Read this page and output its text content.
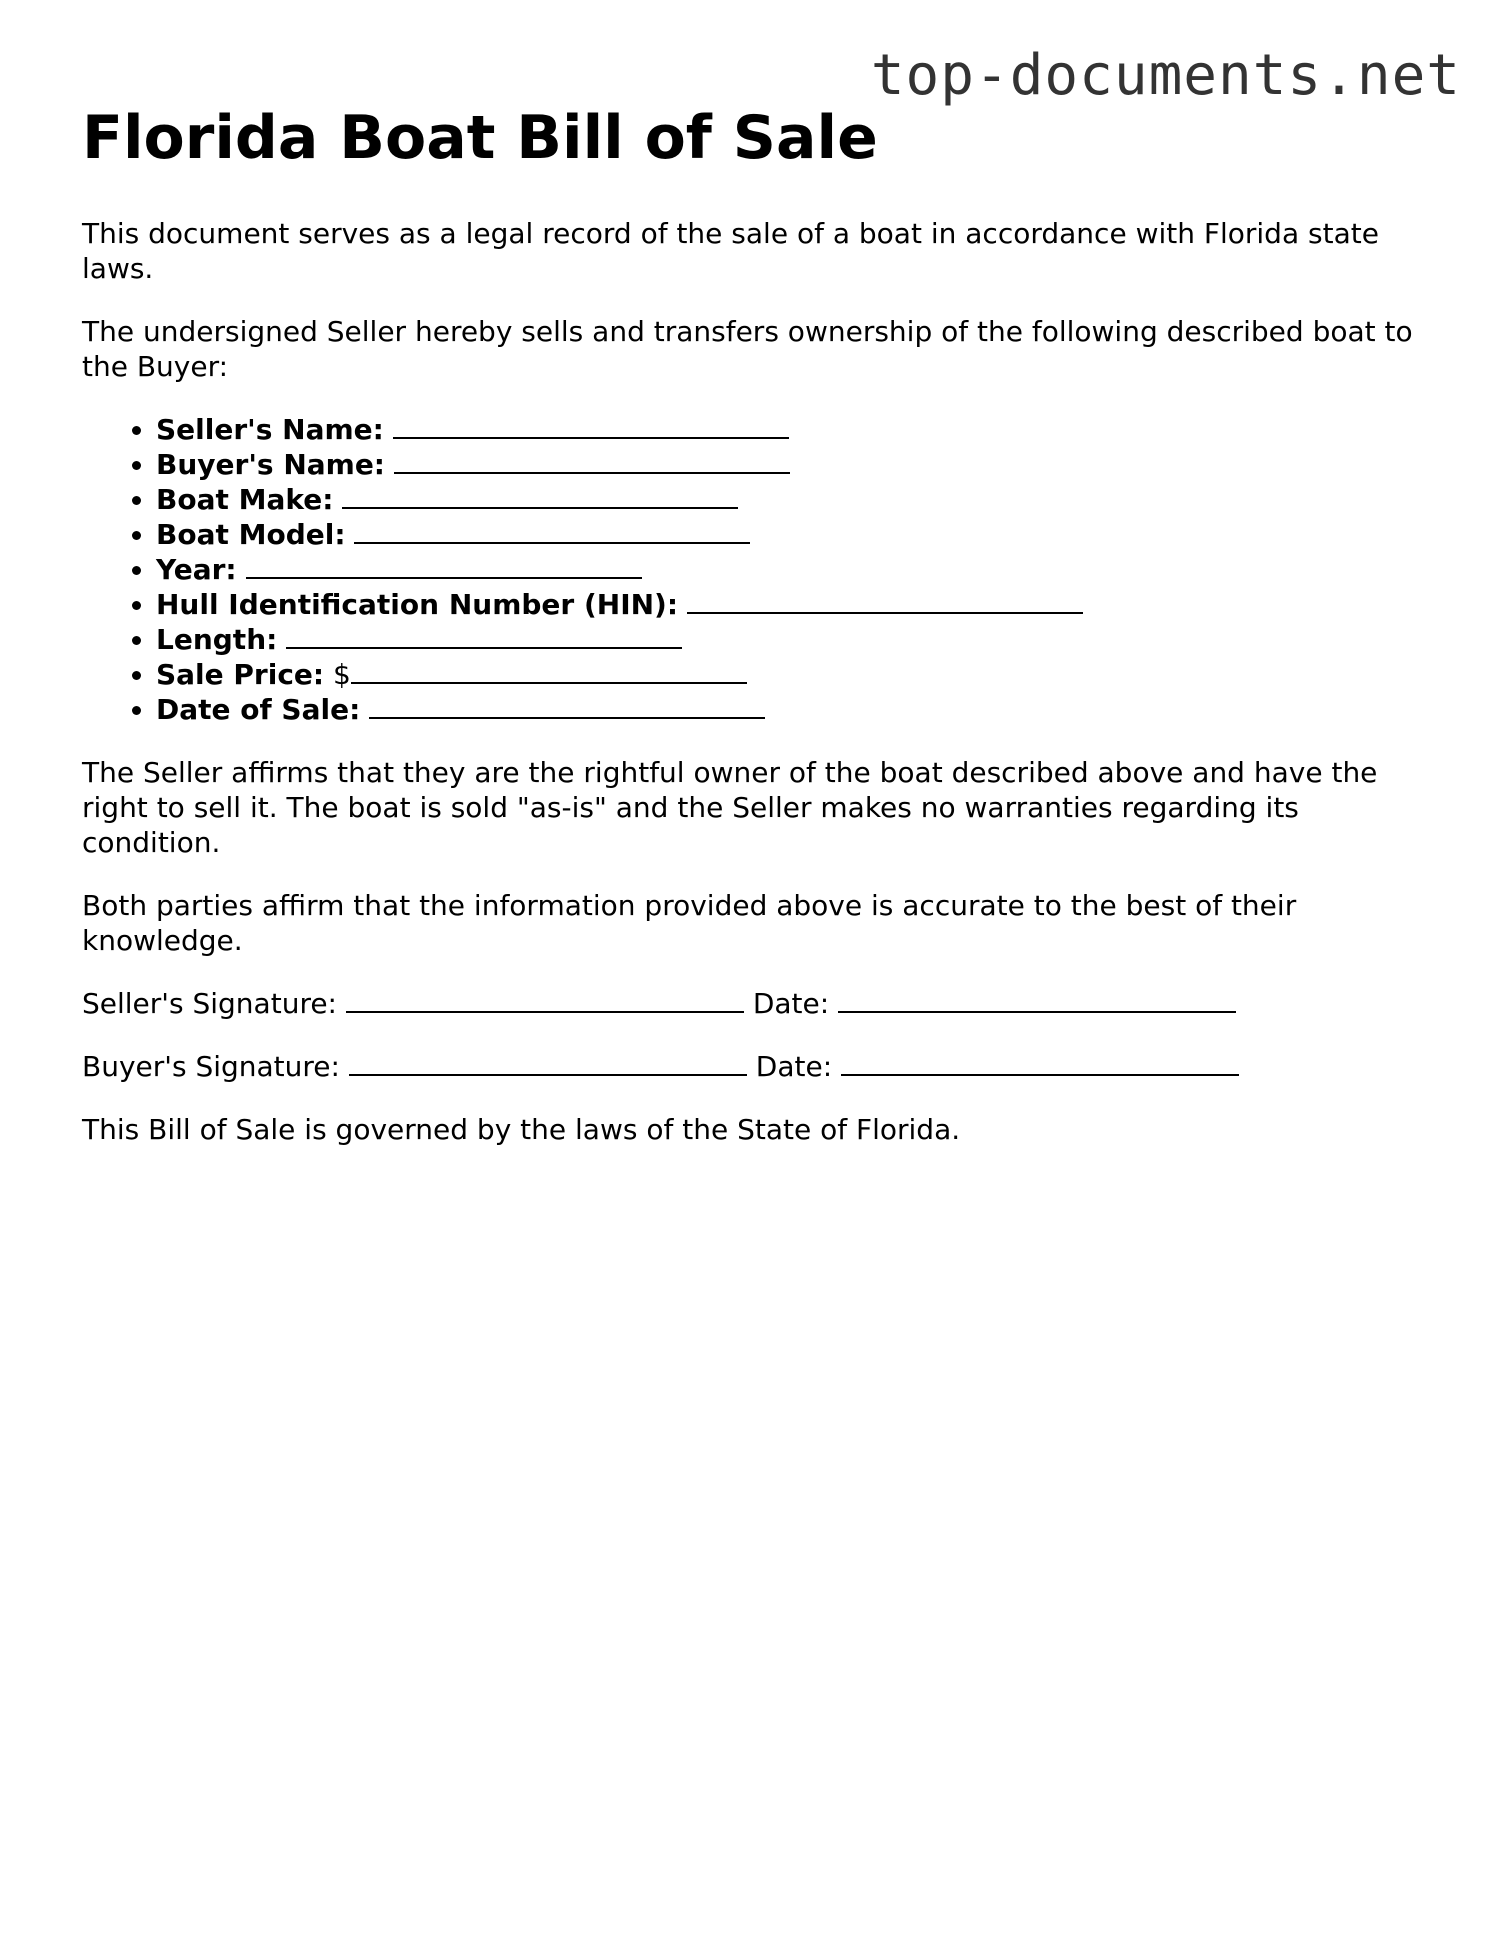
top-documents.net
Florida Boat Bill of Sale

This document serves as a legal record of the sale of a boat in accordance with Florida state laws.

The undersigned Seller hereby sells and transfers ownership of the following described boat to the Buyer:

• Seller's Name:
• Buyer's Name:
• Boat Make:
• Boat Model:
• Year:
• Hull Identification Number (HIN):
• Length:
• Sale Price: $
• Date of Sale:

The Seller affirms that they are the rightful owner of the boat described above and have the right to sell it. The boat is sold "as-is" and the Seller makes no warranties regarding its condition.

Both parties affirm that the information provided above is accurate to the best of their knowledge.

Seller's Signature:	Date:

Buyer's Signature:	Date:

This Bill of Sale is governed by the laws of the State of Florida.
